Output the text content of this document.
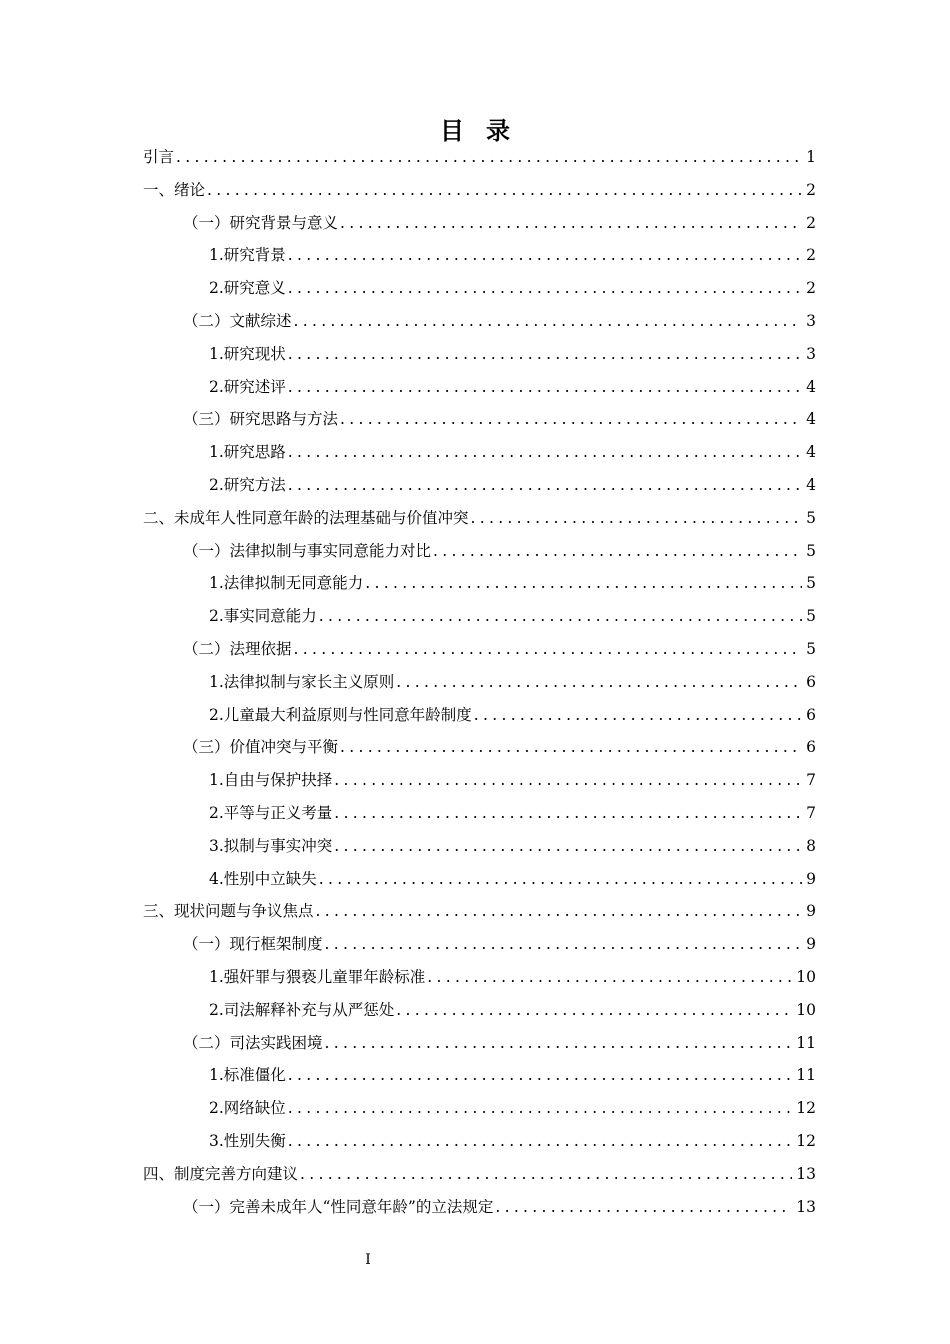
目录
引言 .....	1
一、绪论 .....	2
（一）研究背景与意义 .....	2
1.研究背景 .....	2
2.研究意义 .....	2
（二）文献综述 .....	3
1.研究现状 .....	3
2.研究述评 .....	4
（三）研究思路与方法 .....	4
1.研究思路 .....	4
2.研究方法 .....	4
二、未成年人性同意年龄的法理基础与价值冲突 .....	5
（一）法律拟制与事实同意能力对比 .....	5
1.法律拟制无同意能力 .....	5
2.事实同意能力 .....	5
（二）法理依据 .....	5
1.法律拟制与家长主义原则 .....	6
2.儿童最大利益原则与性同意年龄制度 .....	6
（三）价值冲突与平衡 .....	6
1.自由与保护抉择 .....	7
2.平等与正义考量 .....	7
3.拟制与事实冲突 .....	8
4.性别中立缺失 .....	9
三、现状问题与争议焦点 .....	9
（一）现行框架制度 .....	9
1.强奸罪与猥亵儿童罪年龄标准 .....	10
2.司法解释补充与从严惩处 .....	10
（二）司法实践困境 .....	11
1.标准僵化 .....	11
2.网络缺位 .....	12
3.性别失衡 .....	12
四、制度完善方向建议 .....	13
（一）完善未成年人“性同意年龄”的立法规定 .....	13
I
